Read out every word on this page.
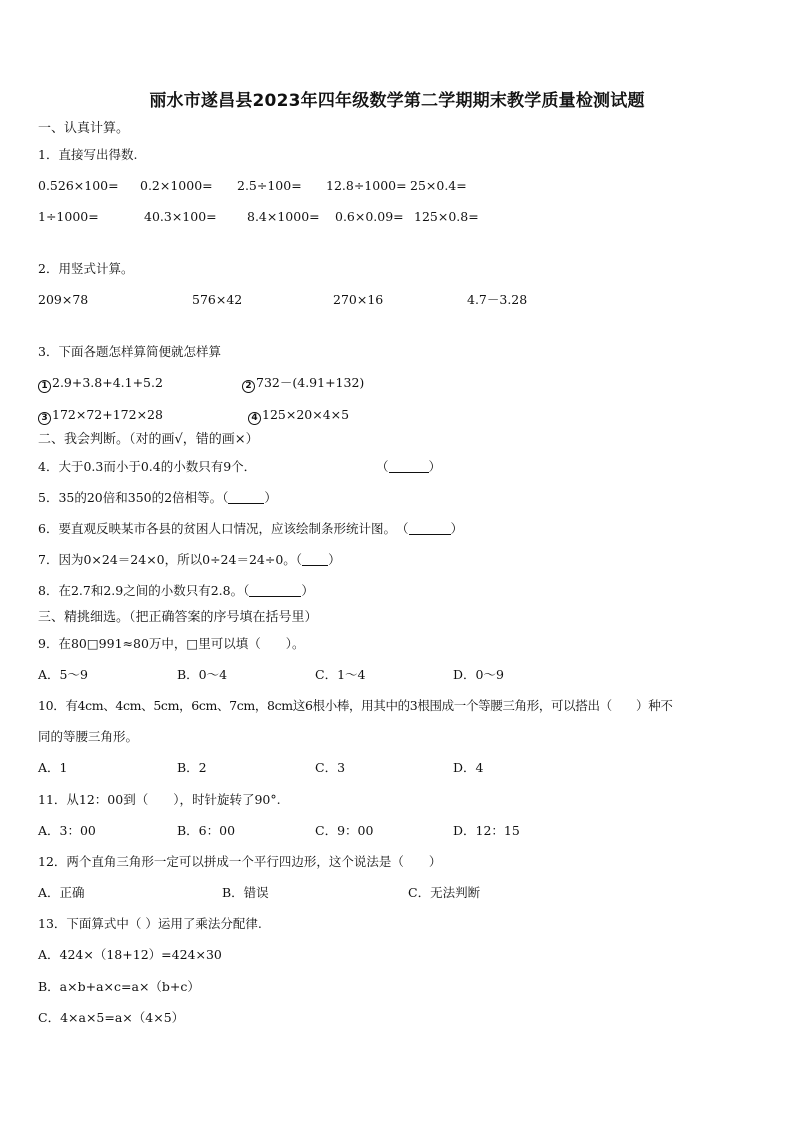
丽水市遂昌县2023年四年级数学第二学期期末教学质量检测试题
一、认真计算。
1．直接写出得数.
0.526×100= 0.2×1000= 2.5÷100= 12.8÷1000= 25×0.4=
1÷1000=	40.3×100= 8.4×1000= 0.6×0.09= 125×0.8=
2．用竖式计算。
209×78	576×42	270×16	4.7－3.28
3．下面各题怎样算简便就怎样算
1 2.9+3.8+4.1+5.2	2 732－(4.91+132)
3 172×72+172×28	4 125×20×4×5
二、我会判断。（对的画√，错的画×）
4．大于0.3而小于0.4的小数只有9个．	（	）
5．35的20倍和350的2倍相等。（	）
6．要直观反映某市各县的贫困人口情况，应该绘制条形统计图。　 （	）
7．因为0×24＝24×0，所以0÷24＝24÷0。（ ）
8．在2.7和2.9之间的小数只有2.8。（	）
三、精挑细选。（把正确答案的序号填在括号里）
9．在80□991≈80万中，□里可以填（　　）。
A．5～9	B．0～4	C．1～4	D．0～9
10．有4cm、4cm、5cm，6cm、7cm，8cm这6根小棒，用其中的3根围成一个等腰三角形，可以搭出（　　）种不
同的等腰三角形。
A．1	B．2	C．3	D．4
11．从12：00到（　　），时针旋转了90°.
A．3：00	B．6：00	C．9：00	D．12：15
12．两个直角三角形一定可以拼成一个平行四边形，这个说法是（　　）
A．正确	B．错误	C．无法判断
13．下面算式中（ ）运用了乘法分配律.
A．424×（18+12）=424×30
B．a×b+a×c=a×（b+c）
C．4×a×5=a×（4×5）
